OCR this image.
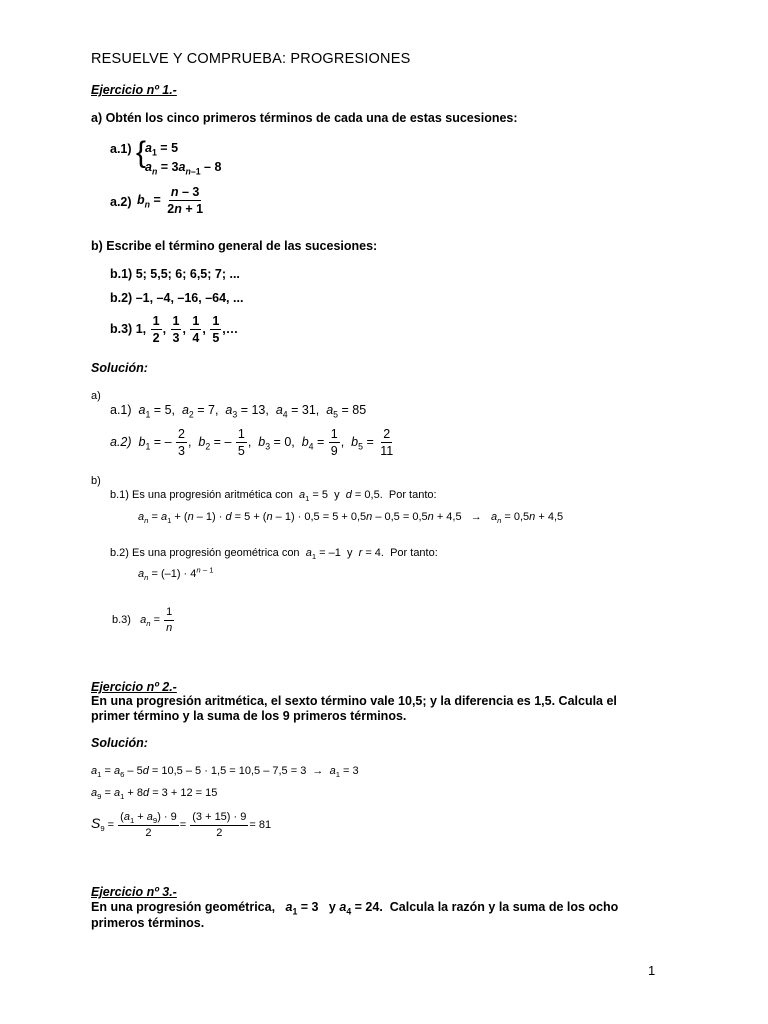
RESUELVE Y COMPRUEBA: PROGRESIONES
Ejercicio nº 1.-
a) Obtén los cinco primeros términos de cada una de estas sucesiones:
a.1) {
$a_1 = 5$
$a_n = 3a_{n-1} - 8$
a.2) $b_n = \frac{n - 3}{2n + 1}$
b) Escribe el término general de las sucesiones:
b.1) 5; 5,5; 6; 6,5; 7; ...
b.2) –1, –4, –16, –64, ...
b.3) 1, $\frac{1}{2}$ , $\frac{1}{3}$ , $\frac{1}{4}$ , $\frac{1}{5}$ ,…
Solución:
a)
a.1) $a_1 = 5$,  $a_2 = 7$,  $a_3 = 13$,  $a_4 = 31$,  $a_5 = 85$
a.2) $b_1$ = – $\frac{2}{3}$ ,  $b_2$ = – $\frac{1}{5}$ ,  $b_3 = 0$,  $b_4 = \frac{1}{9}$ ,  $b_5 = \frac{2}{11}$
b)
b.1) Es una progresión aritmética con $a_1 = 5$  y  d = 0,5.  Por tanto:
$a_n = a_1 + (n - 1) \cdot d = 5 + (n - 1) \cdot 0,5 = 5 + 0,5n - 0,5 = 0,5n + 4,5 \to a_n = 0,5n + 4,5$
b.2) Es una progresión geométrica con $a_1 = -1$  y  r = 4.  Por tanto:
$a_n = (-1) \cdot 4^{n - 1}$
b.3) $a_n = \frac{1}{n}$
Ejercicio nº 2.-
En una progresión aritmética, el sexto término vale 10,5; y la diferencia es 1,5. Calcula el
primer término y la suma de los 9 primeros términos.
Solución:
$a_1 = a_6 - 5d = 10,5 - 5 \cdot 1,5 = 10,5 - 7,5 = 3 \to a_1 = 3$
$a_9 = a_1 + 8d = 3 + 12 = 15$
$S_9 = \frac{(a_1 + a_9) \cdot 9}{2} = \frac{(3 + 15) \cdot 9}{2} = 81$
Ejercicio nº 3.-
En una progresión geométrica,   $a_1 = 3$   y $a_4 = 24$.  Calcula la razón y la suma de los ocho
primeros términos.
1
